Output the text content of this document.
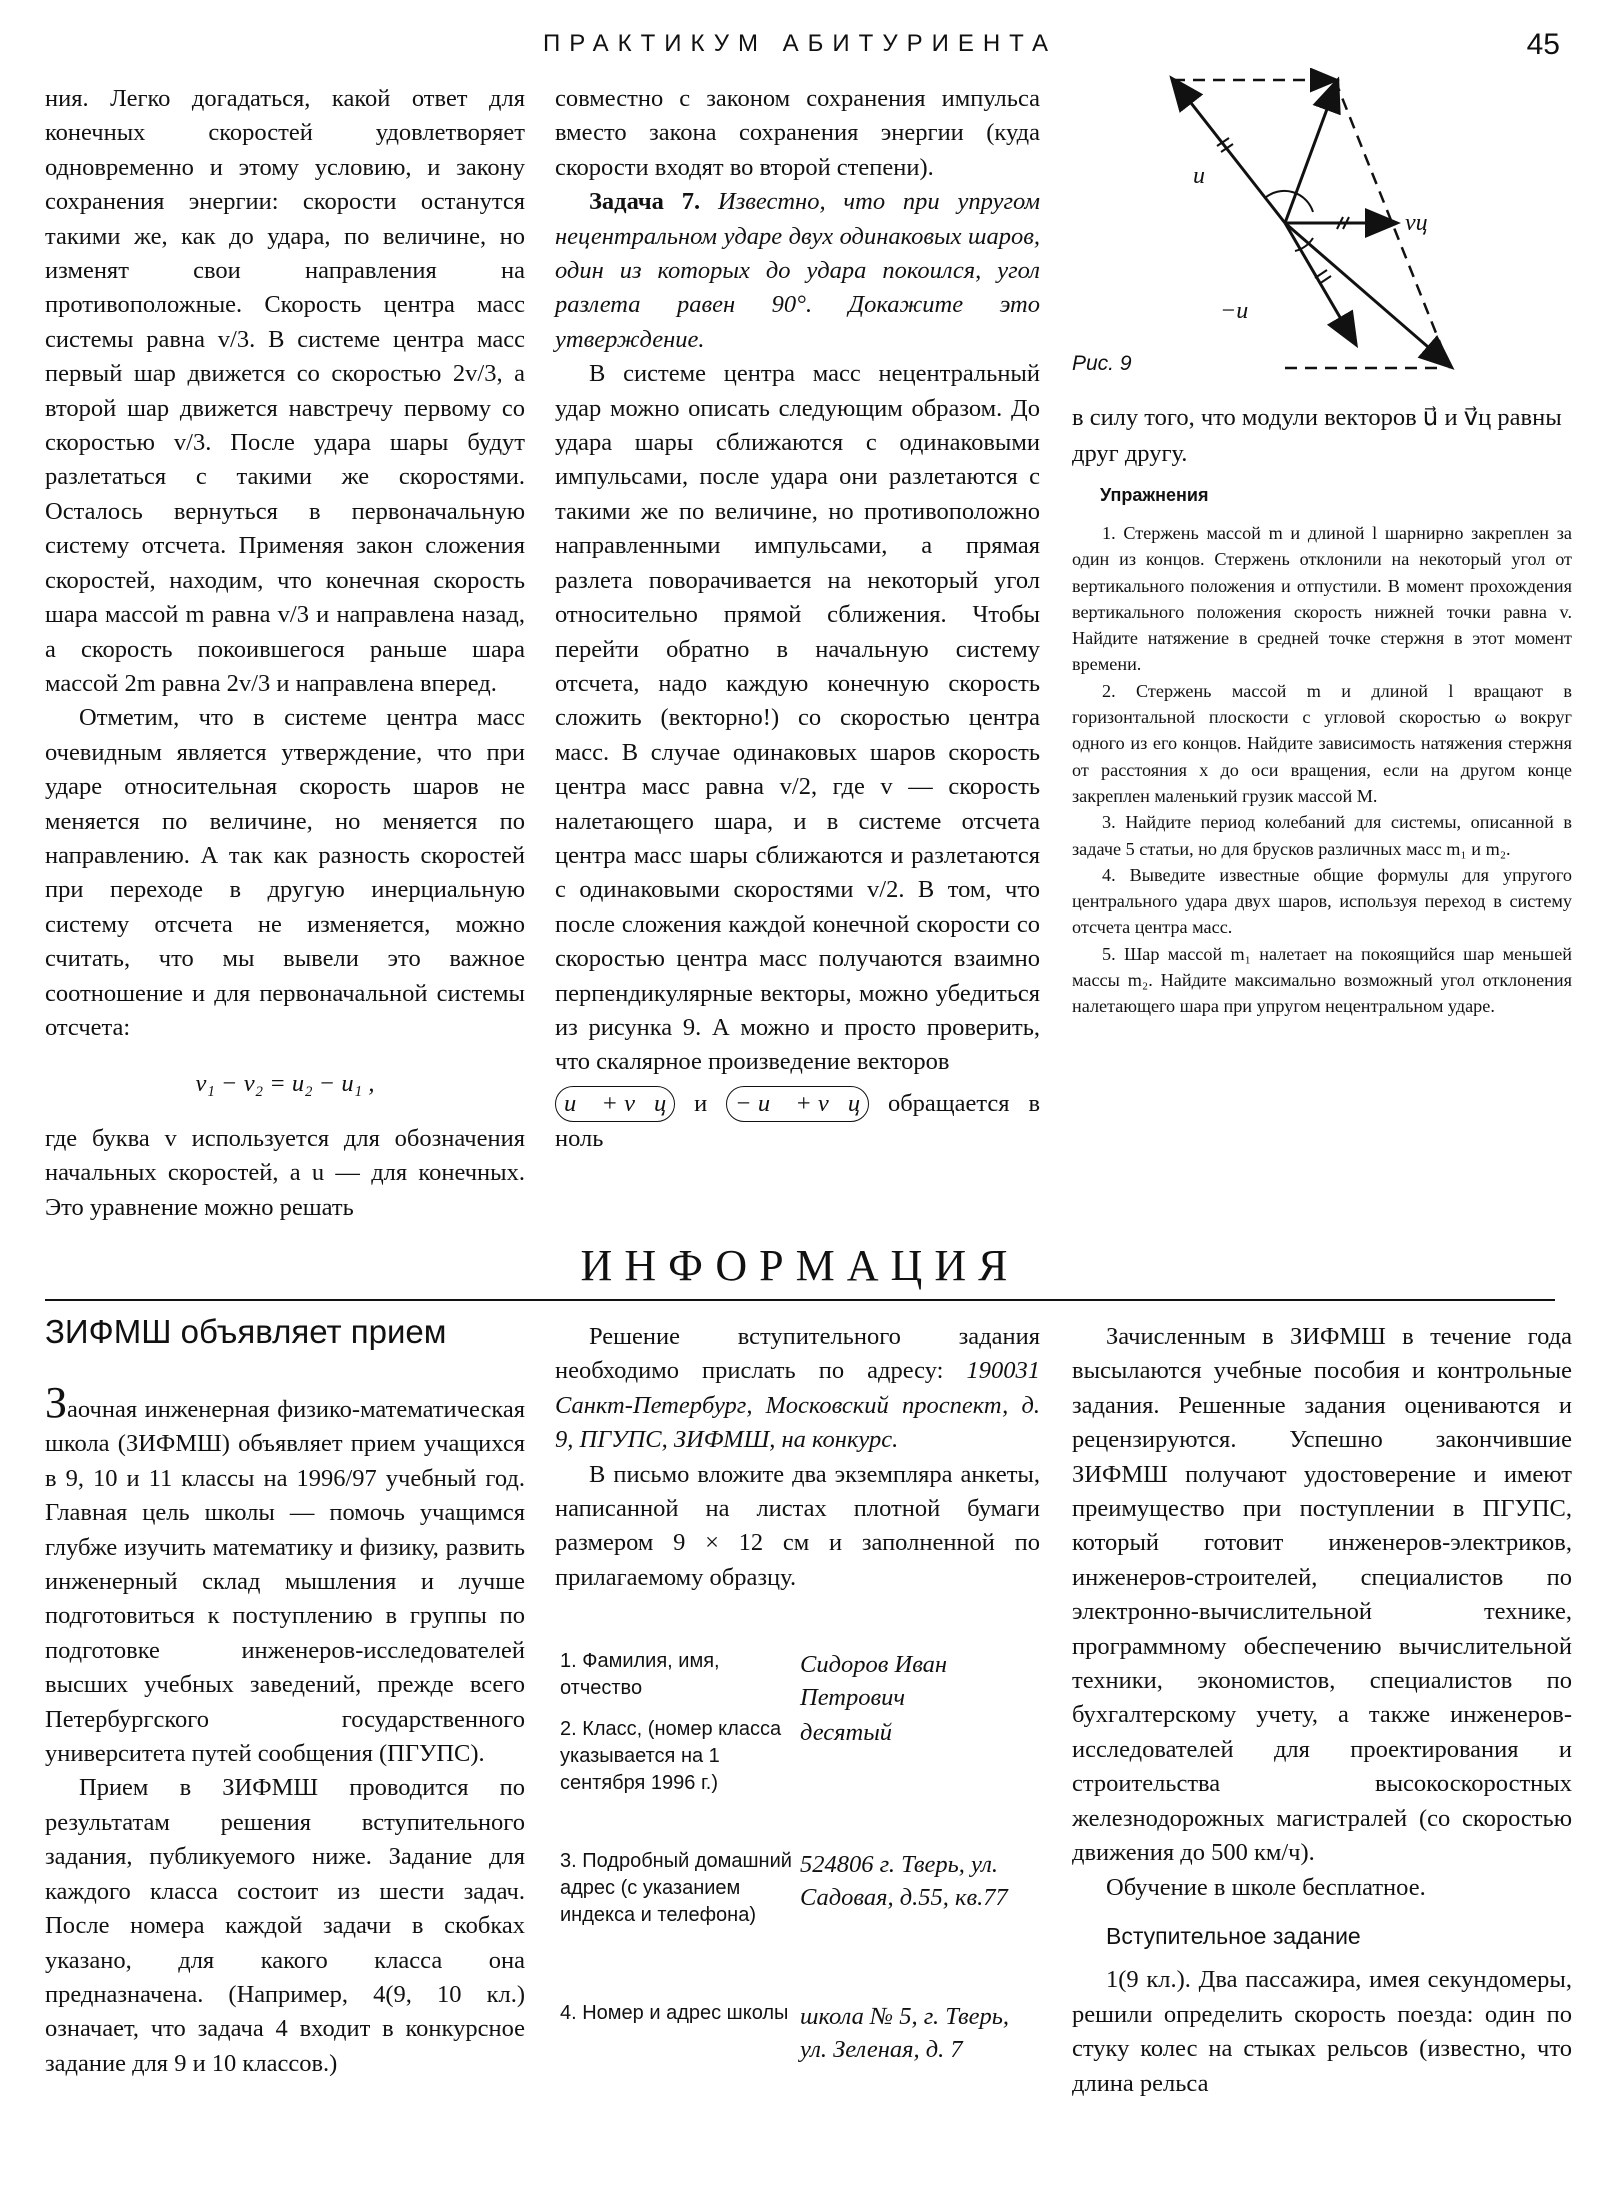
ПРАКТИКУМ АБИТУРИЕНТА	45

ния. Легко догадаться, какой ответ для конечных скоростей удовлетворяет одновременно и этому условию, и закону сохранения энергии: скорости останутся такими же, как до удара, по величине, но изменят свои направления на противоположные. Скорость центра масс системы равна v/3. В системе центра масс первый шар движется со скоростью 2v/3, а второй шар движется навстречу первому со скоростью v/3. После удара шары будут разлетаться с такими же скоростями. Осталось вернуться в первоначальную систему отсчета. Применяя закон сложения скоростей, находим, что конечная скорость шара массой m равна v/3 и направлена назад, а скорость покоившегося раньше шара массой 2m равна 2v/3 и направлена вперед.

Отметим, что в системе центра масс очевидным является утверждение, что при ударе относительная скорость шаров не меняется по величине, но меняется по направлению. А так как разность скоростей при переходе в другую инерциальную систему отсчета не изменяется, можно считать, что мы вывели это важное соотношение и для первоначальной системы отсчета:

v₁ − v₂ = u₂ − u₁ ,

где буква v используется для обозначения начальных скоростей, а u — для конечных. Это уравнение можно решать

совместно с законом сохранения импульса вместо закона сохранения энергии (куда скорости входят во второй степени).

Задача 7. Известно, что при упругом нецентральном ударе двух одинаковых шаров, один из которых до удара покоился, угол разлета равен 90°. Докажите это утверждение.

В системе центра масс нецентральный удар можно описать следующим образом. До удара шары сближаются с одинаковыми импульсами, после удара они разлетаются с такими же по величине, но противоположно направленными импульсами, а прямая разлета поворачивается на некоторый угол относительно прямой сближения. Чтобы перейти обратно в начальную систему отсчета, надо каждую конечную скорость сложить (векторно!) со скоростью центра масс. В случае одинаковых шаров скорость центра масс равна v/2, где v — скорость налетающего шара, и в системе отсчета центра масс шары сближаются и разлетаются с одинаковыми скоростями v/2. В том, что после сложения каждой конечной скорости со скоростью центра масс получаются взаимно перпендикулярные векторы, можно убедиться из рисунка 9. А можно и просто проверить, что скалярное произведение векторов

u⃗ + v⃗ц и − u⃗ + v⃗ц обращается в ноль
u
−u
vц
Рис. 9
в силу того, что модули векторов u⃗ и v⃗ц равны друг другу.
Упражнения

1. Стержень массой m и длиной l шарнирно закреплен за один из концов. Стержень отклонили на некоторый угол от вертикального положения и отпустили. В момент прохождения вертикального положения скорость нижней точки равна v. Найдите натяжение в средней точке стержня в этот момент времени.

2. Стержень массой m и длиной l вращают в горизонтальной плоскости с угловой скоростью ω вокруг одного из его концов. Найдите зависимость натяжения стержня от расстояния x до оси вращения, если на другом конце закреплен маленький грузик массой M.

3. Найдите период колебаний для системы, описанной в задаче 5 статьи, но для брусков различных масс m₁ и m₂.

4. Выведите известные общие формулы для упругого центрального удара двух шаров, используя переход в систему отсчета центра масс.

5. Шар массой m₁ налетает на покоящийся шар меньшей массы m₂. Найдите максимально возможный угол отклонения налетающего шара при упругом нецентральном ударе.

ИНФОРМАЦИЯ
ЗИФМШ объявляет прием

Заочная инженерная физико-математическая школа (ЗИФМШ) объявляет прием учащихся в 9, 10 и 11 классы на 1996/97 учебный год. Главная цель школы — помочь учащимся глубже изучить математику и физику, развить инженерный склад мышления и лучше подготовиться к поступлению в группы по подготовке инженеров-исследователей высших учебных заведений, прежде всего Петербургского государственного университета путей сообщения (ПГУПС).

Прием в ЗИФМШ проводится по результатам решения вступительного задания, публикуемого ниже. Задание для каждого класса состоит из шести задач. После номера каждой задачи в скобках указано, для какого класса она предназначена. (Например, 4(9, 10 кл.) означает, что задача 4 входит в конкурсное задание для 9 и 10 классов.)

Решение вступительного задания необходимо прислать по адресу: 190031 Санкт-Петербург, Московский проспект, д. 9, ПГУПС, ЗИФМШ, на конкурс.

В письмо вложите два экземпляра анкеты, написанной на листах плотной бумаги размером 9 × 12 см и заполненной по прилагаемому образцу.

1. Фамилия, имя, отчество	Сидоров Иван Петрович
2. Класс, (номер класса указывается на 1 сентября 1996 г.)	десятый
3. Подробный домашний адрес (с указанием индекса и телефона)	524806 г. Тверь, ул. Садовая, д.55, кв.77
4. Номер и адрес школы	школа № 5, г. Тверь, ул. Зеленая, д. 7

Зачисленным в ЗИФМШ в течение года высылаются учебные пособия и контрольные задания. Решенные задания оцениваются и рецензируются. Успешно закончившие ЗИФМШ получают удостоверение и имеют преимущество при поступлении в ПГУПС, который готовит инженеров-электриков, инженеров-строителей, специалистов по электронно-вычислительной технике, программному обеспечению вычислительной техники, экономистов, специалистов по бухгалтерскому учету, а также инженеров-исследователей для проектирования и строительства высокоскоростных железнодорожных магистралей (со скоростью движения до 500 км/ч).

Обучение в школе бесплатное.

Вступительное задание

1(9 кл.). Два пассажира, имея секундомеры, решили определить скорость поезда: один по стуку колес на стыках рельсов (известно, что длина рельса
